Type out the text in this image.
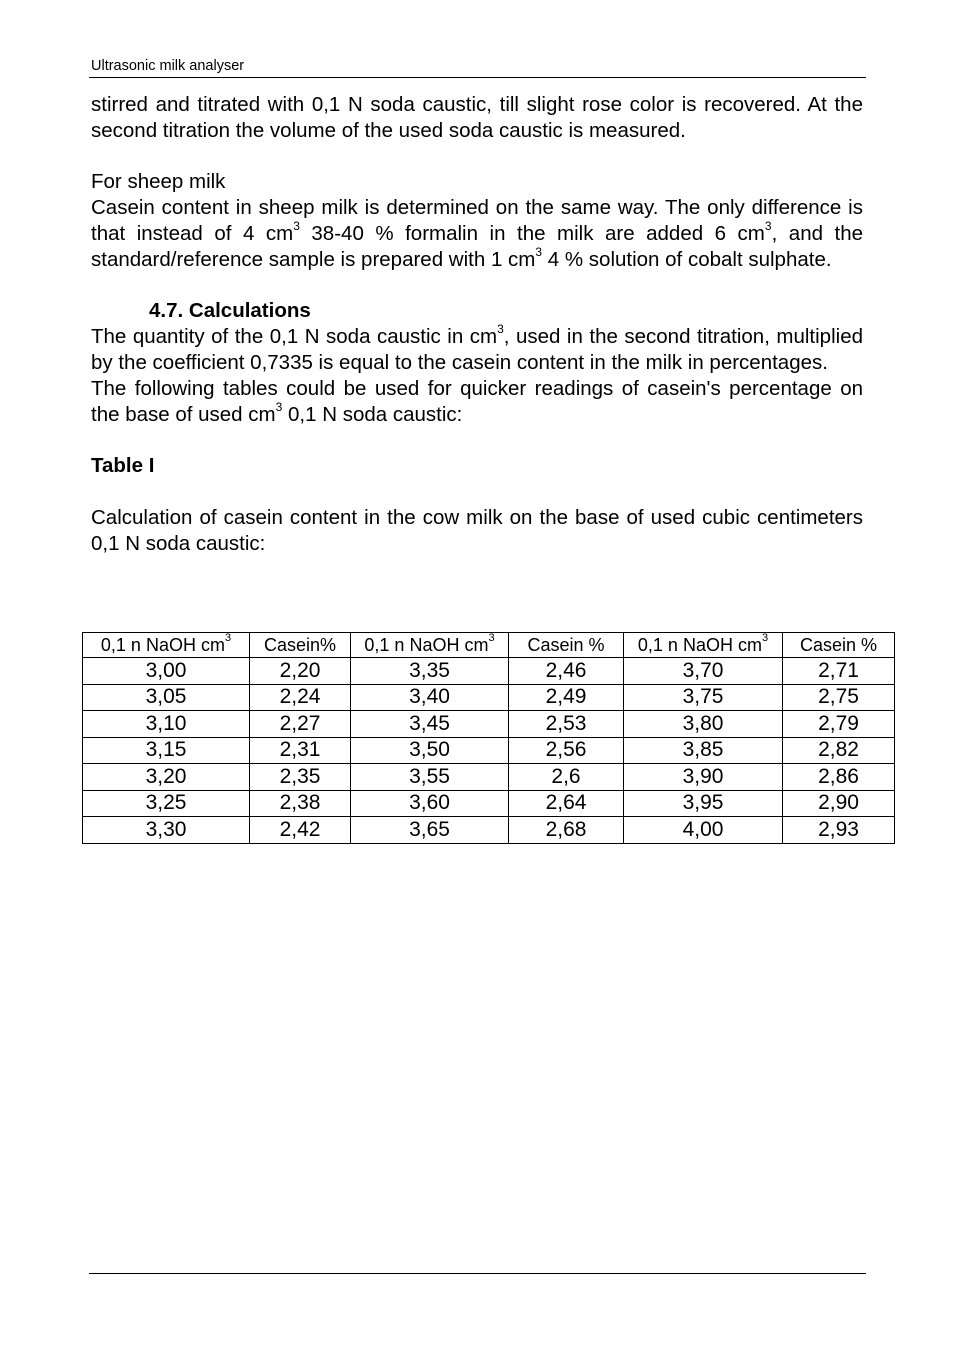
Ultrasonic milk analyser

stirred and titrated with 0,1 N soda caustic, till slight rose color is recovered. At the second titration the volume of the used soda caustic is measured.

For sheep milk

Casein content in sheep milk is determined on the same way. The only difference is that instead of 4 $cm^3$ 38-40 % formalin in the milk are added 6 $cm^3$, and the standard/reference sample is prepared with 1 $cm^3$ 4 % solution of cobalt sulphate.

4.7. Calculations

The quantity of the 0,1 N soda caustic in $cm^3$, used in the second titration, multiplied by the coefficient 0,7335 is equal to the casein content in the milk in percentages.

The following tables could be used for quicker readings of casein's percentage on the base of used $cm^3$ 0,1 N soda caustic:

Table I

Calculation of casein content in the cow milk on the base of used cubic centimeters 0,1 N soda caustic:

0,1 n NaOH $cm^3$	Casein%	0,1 n NaOH $cm^3$	Casein %	0,1 n NaOH $cm^3$	Casein %
3,00	2,20	3,35	2,46	3,70	2,71
3,05	2,24	3,40	2,49	3,75	2,75
3,10	2,27	3,45	2,53	3,80	2,79
3,15	2,31	3,50	2,56	3,85	2,82
3,20	2,35	3,55	2,6	3,90	2,86
3,25	2,38	3,60	2,64	3,95	2,90
3,30	2,42	3,65	2,68	4,00	2,93
